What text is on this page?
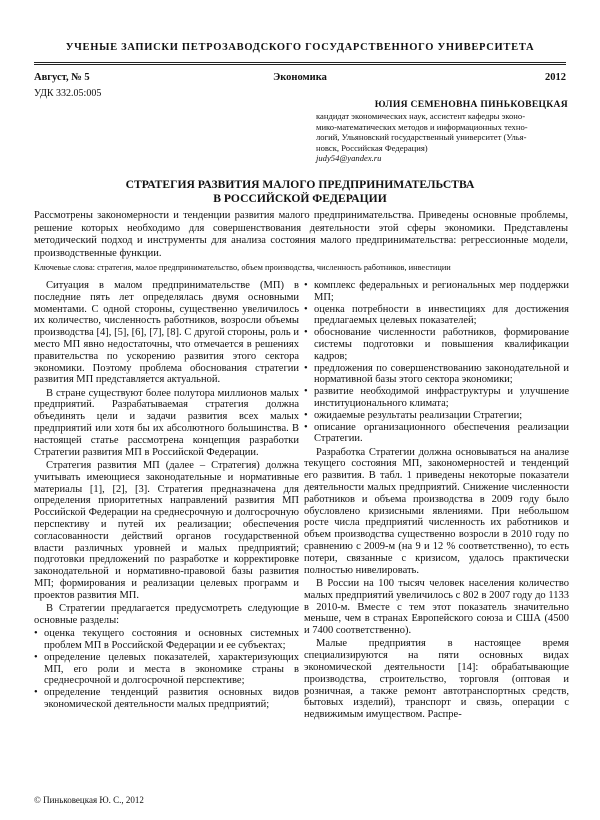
УЧЕНЫЕ ЗАПИСКИ ПЕТРОЗАВОДСКОГО ГОСУДАРСТВЕННОГО УНИВЕРСИТЕТА
Экономика
Август, № 5	2012
УДК 332.05:005
ЮЛИЯ СЕМЕНОВНА ПИНЬКОВЕЦКАЯ
кандидат экономических наук, ассистент кафедры эконо-
мико-математических методов и информационных техно-
логий, Ульяновский государственный университет (Улья-
новск, Российская Федерация)
judy54@yandex.ru
СТРАТЕГИЯ РАЗВИТИЯ МАЛОГО ПРЕДПРИНИМАТЕЛЬСТВА
В РОССИЙСКОЙ ФЕДЕРАЦИИ
Рассмотрены закономерности и тенденции развития малого предпринимательства. Приведены основные проблемы, решение которых необходимо для совершенствования деятельности этой сферы экономики. Представлены методический подход и инструменты для анализа состояния малого предпринимательства: регрессионные модели, производственные функции.
Ключевые слова: стратегия, малое предпринимательство, объем производства, численность работников, инвестиции

Ситуация в малом предпринимательстве (МП) в последние пять лет определялась двумя основными моментами. С одной стороны, существенно увеличилось их количество, численность работников, возросли объемы производства [4], [5], [6], [7], [8]. С другой стороны, роль и место МП явно недостаточны, что отмечается в решениях правительства по ускорению развития этого сектора экономики. Поэтому проблема обоснования стратегии развития МП представляется актуальной.

В стране существуют более полутора миллионов малых предприятий. Разрабатываемая стратегия должна объединять цели и задачи развития всех малых предприятий или хотя бы их абсолютного большинства. В настоящей статье рассмотрена концепция разработки Стратегии развития МП в Российской Федерации.

Стратегия развития МП (далее – Стратегия) должна учитывать имеющиеся законодательные и нормативные материалы [1], [2], [3]. Стратегия предназначена для определения приоритетных направлений развития МП Российской Федерации на среднесрочную и долгосрочную перспективу и путей их реализации; обеспечения согласованности действий органов государственной власти различных уровней и малых предприятий; подготовки предложений по разработке и корректировке законодательной и нормативно-правовой базы развития МП; формирования и реализации целевых программ и проектов развития МП.

В Стратегии предлагается предусмотреть следующие основные разделы:

• оценка текущего состояния и основных системных проблем МП в Российской Федерации и ее субъектах;
• определение целевых показателей, характеризующих МП, его роли и места в экономике страны в среднесрочной и долгосрочной перспективе;
• определение тенденций развития основных видов экономической деятельности малых предприятий;
• комплекс федеральных и региональных мер поддержки МП;
• оценка потребности в инвестициях для достижения предлагаемых целевых показателей;
• обоснование численности работников, формирование системы подготовки и повышения квалификации кадров;
• предложения по совершенствованию законодательной и нормативной базы этого сектора экономики;
• развитие необходимой инфраструктуры и улучшение институционального климата;
• ожидаемые результаты реализации Стратегии;
• описание организационного обеспечения реализации Стратегии.

Разработка Стратегии должна основываться на анализе текущего состояния МП, закономерностей и тенденций его развития. В табл. 1 приведены некоторые показатели деятельности малых предприятий. Снижение численности работников и объема производства в 2009 году было обусловлено кризисными явлениями. При небольшом росте числа предприятий численность их работников и объем производства существенно возросли в 2010 году по сравнению с 2009-м (на 9 и 12 % соответственно), то есть потери, связанные с кризисом, удалось практически полностью нивелировать.

В России на 100 тысяч человек населения количество малых предприятий увеличилось с 802 в 2007 году до 1133 в 2010-м. Вместе с тем этот показатель значительно меньше, чем в странах Европейского союза и США (4500 и 7400 соответственно).

Малые предприятия в настоящее время специализируются на пяти основных видах экономической деятельности [14]: обрабатывающие производства, строительство, торговля (оптовая и розничная, а также ремонт автотранспортных средств, бытовых изделий), транспорт и связь, операции с недвижимым имуществом. Распре-

© Пиньковецкая Ю. С., 2012
